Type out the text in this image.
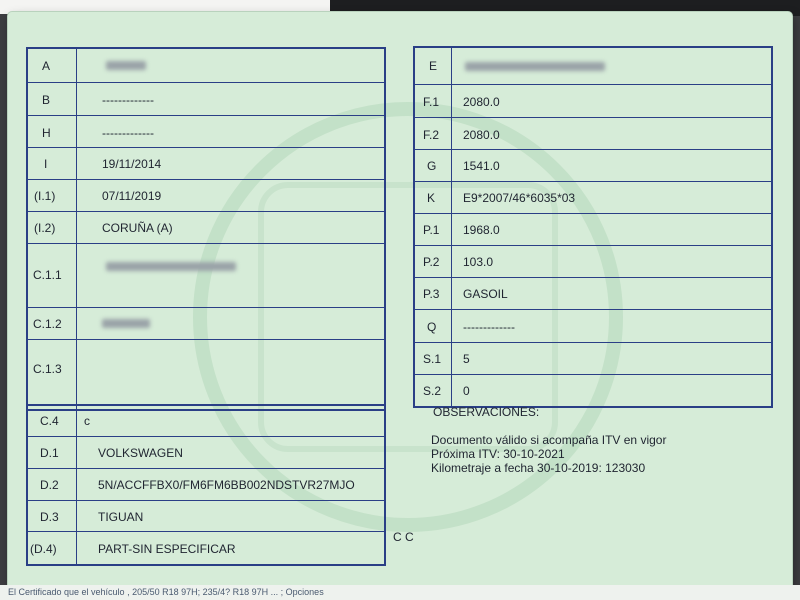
A
B	-------------
H	-------------
I	19/11/2014
(I.1)	07/11/2019
(I.2)	CORUÑA (A)
C.1.1
C.1.2
C.1.3
C.4 c
D.1	VOLKSWAGEN
D.2	5N/ACCFFBX0/FM6FM6BB002NDSTVR27MJO
D.3	TIGUAN
(D.4)	PART-SIN ESPECIFICAR
C C
E
F.1 2080.0
F.2 2080.0
G 1541.0
K E9*2007/46*6035*03
P.1 1968.0
P.2 103.0
P.3 GASOIL
Q -------------
S.1 5
S.2 0
OBSERVACIONES:
Documento válido si acompaña ITV en vigor
Próxima ITV: 30-10-2021
Kilometraje a fecha 30-10-2019: 123030
El Certificado que el vehículo , 205/50 R18 97H; 235/4? R18 97H ... ; Opciones
